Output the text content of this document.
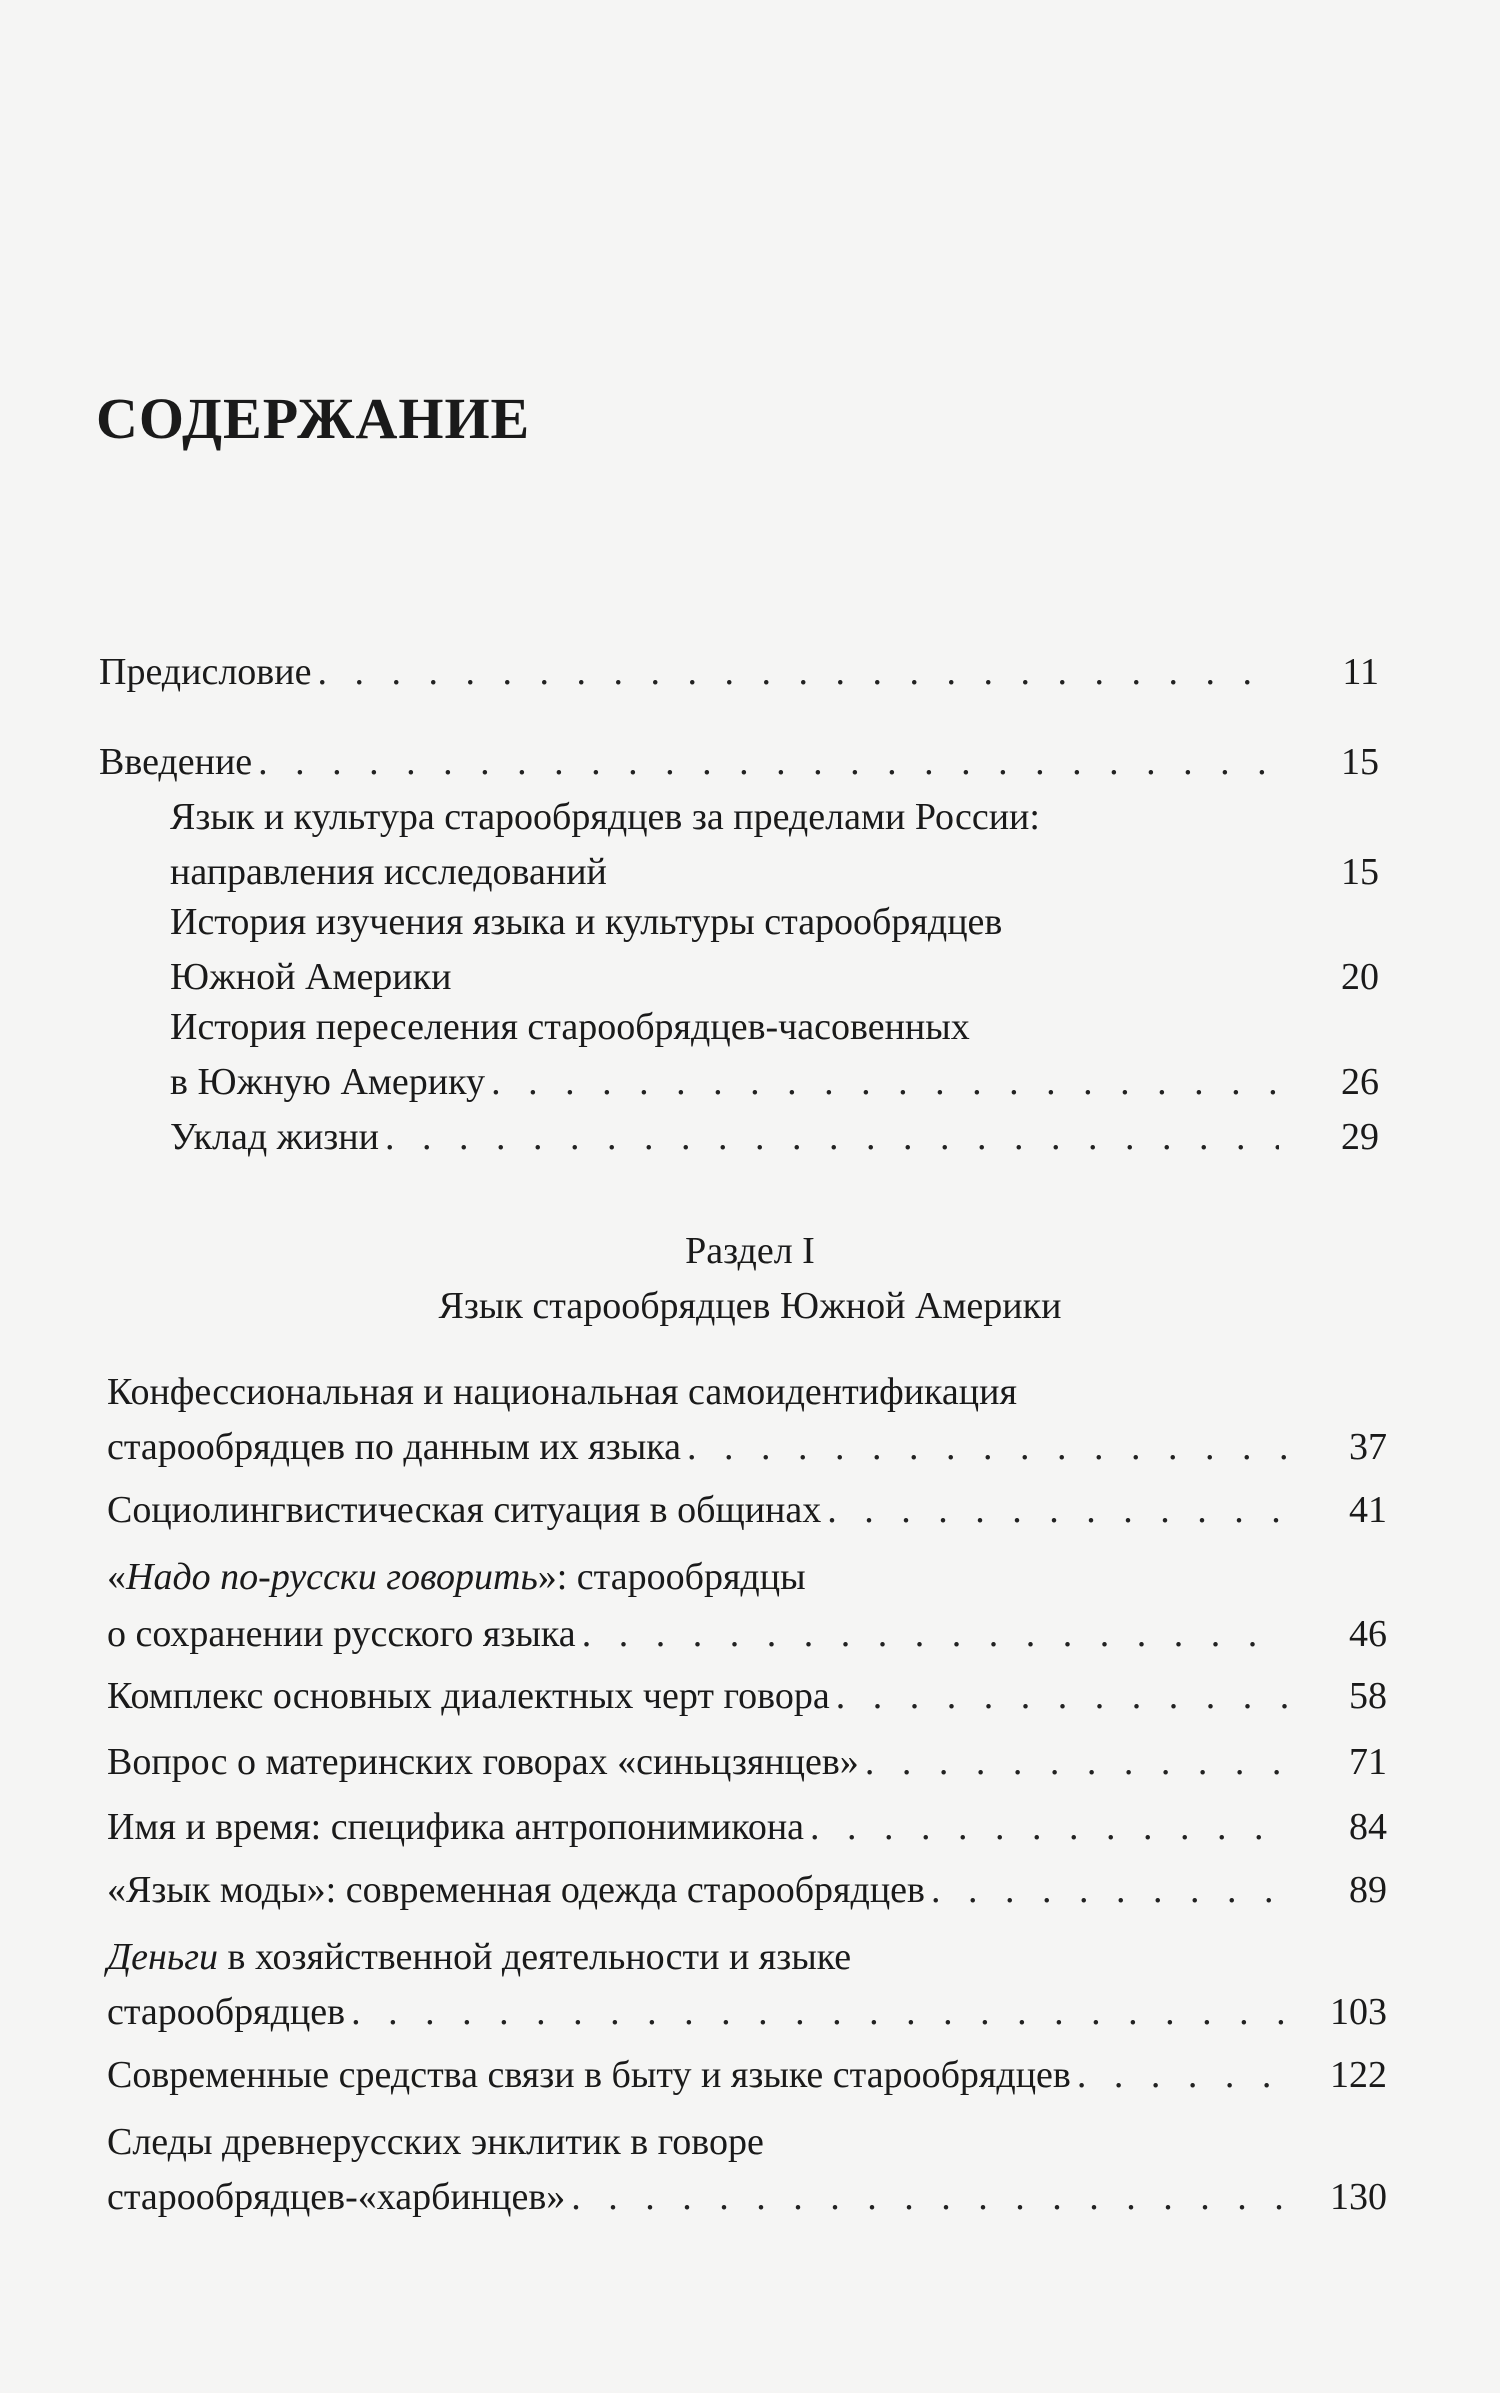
СОДЕРЖАНИЕ
Предисловие . . .	11
Введение . . .	15
Язык и культура старообрядцев за пределами России:
направления исследований	15
История изучения языка и культуры старообрядцев
Южной Америки	20
История переселения старообрядцев-часовенных
в Южную Америку . . .	26
Уклад жизни . . .	29
Раздел I
Язык старообрядцев Южной Америки
Конфессиональная и национальная самоидентификация
старообрядцев по данным их языка . . .	37
Социолингвистическая ситуация в общинах . . .	41
«Надо по-русски говорить»: старообрядцы
о сохранении русского языка . . .	46
Комплекс основных диалектных черт говора . . .	58
Вопрос о материнских говорах «синьцзянцев» . . .	71
Имя и время: специфика антропонимикона . . .	84
«Язык моды»: современная одежда старообрядцев . . .	89
Деньги в хозяйственной деятельности и языке
старообрядцев . . .	103
Современные средства связи в быту и языке старообрядцев . . .	122
Следы древнерусских энклитик в говоре
старообрядцев-«харбинцев» . . .	130
